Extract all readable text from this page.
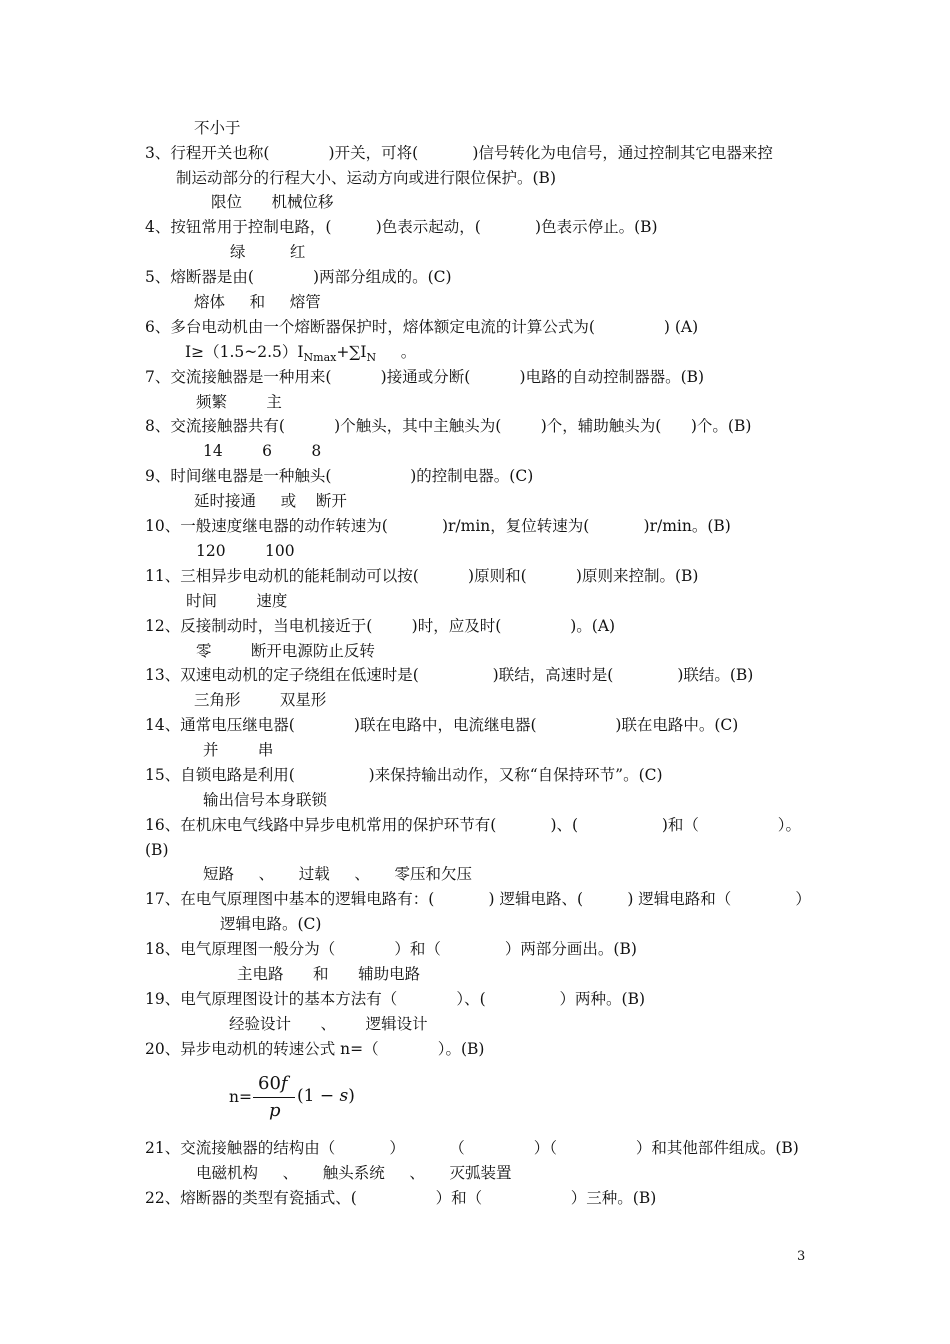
不小于
3、行程开关也称(            )开关，可将(           )信号转化为电信号，通过控制其它电器来控
制运动部分的行程大小、运动方向或进行限位保护。(B)
限位      机械位移
4、按钮常用于控制电路，(         )色表示起动，(           )色表示停止。(B)
绿         红
5、熔断器是由(            )两部分组成的。(C)
熔体     和     熔管
6、多台电动机由一个熔断器保护时，熔体额定电流的计算公式为(              ) (A)
$I\ge(1.5\sim 2.5)I_{Nmax}+\sum I_N$     。
7、交流接触器是一种用来(          )接通或分断(          )电路的自动控制器器。(B)
频繁        主
8、交流接触器共有(          )个触头，其中主触头为(        )个，辅助触头为(      )个。(B)
14        6        8
9、时间继电器是一种触头(                )的控制电器。(C)
延时接通     或    断开
10、一般速度继电器的动作转速为(           )r/min，复位转速为(           )r/min。(B)
120        100
11、三相异步电动机的能耗制动可以按(          )原则和(          )原则来控制。(B)
时间        速度
12、反接制动时，当电机接近于(        )时，应及时(              )。(A)
零        断开电源防止反转
13、双速电动机的定子绕组在低速时是(               )联结，高速时是(             )联结。(B)
三角形        双星形
14、通常电压继电器(            )联在电路中，电流继电器(                )联在电路中。(C)
并        串
15、自锁电路是利用(               )来保持输出动作，又称“自保持环节”。(C)
输出信号本身联锁
16、在机床电气线路中异步电机常用的保护环节有(           )、(                 )和（                ）。
(B)
短路     、     过载     、     零压和欠压
17、在电气原理图中基本的逻辑电路有：(           ) 逻辑电路、(         ) 逻辑电路和（             ）
逻辑电路。(C)
18、电气原理图一般分为（            ）和（             ）两部分画出。(B)
主电路      和      辅助电路
19、电气原理图设计的基本方法有（            ）、(               ）两种。(B)
经验设计      、      逻辑设计
20、异步电动机的转速公式 n=（            ）。(B)
n=
60f
p
(1 − s)
21、交流接触器的结构由（           ）         （              ）（                ）和其他部件组成。(B)
电磁机构     、     触头系统     、     灭弧装置
22、熔断器的类型有瓷插式、(                ）和（                  ）三种。(B)
3
